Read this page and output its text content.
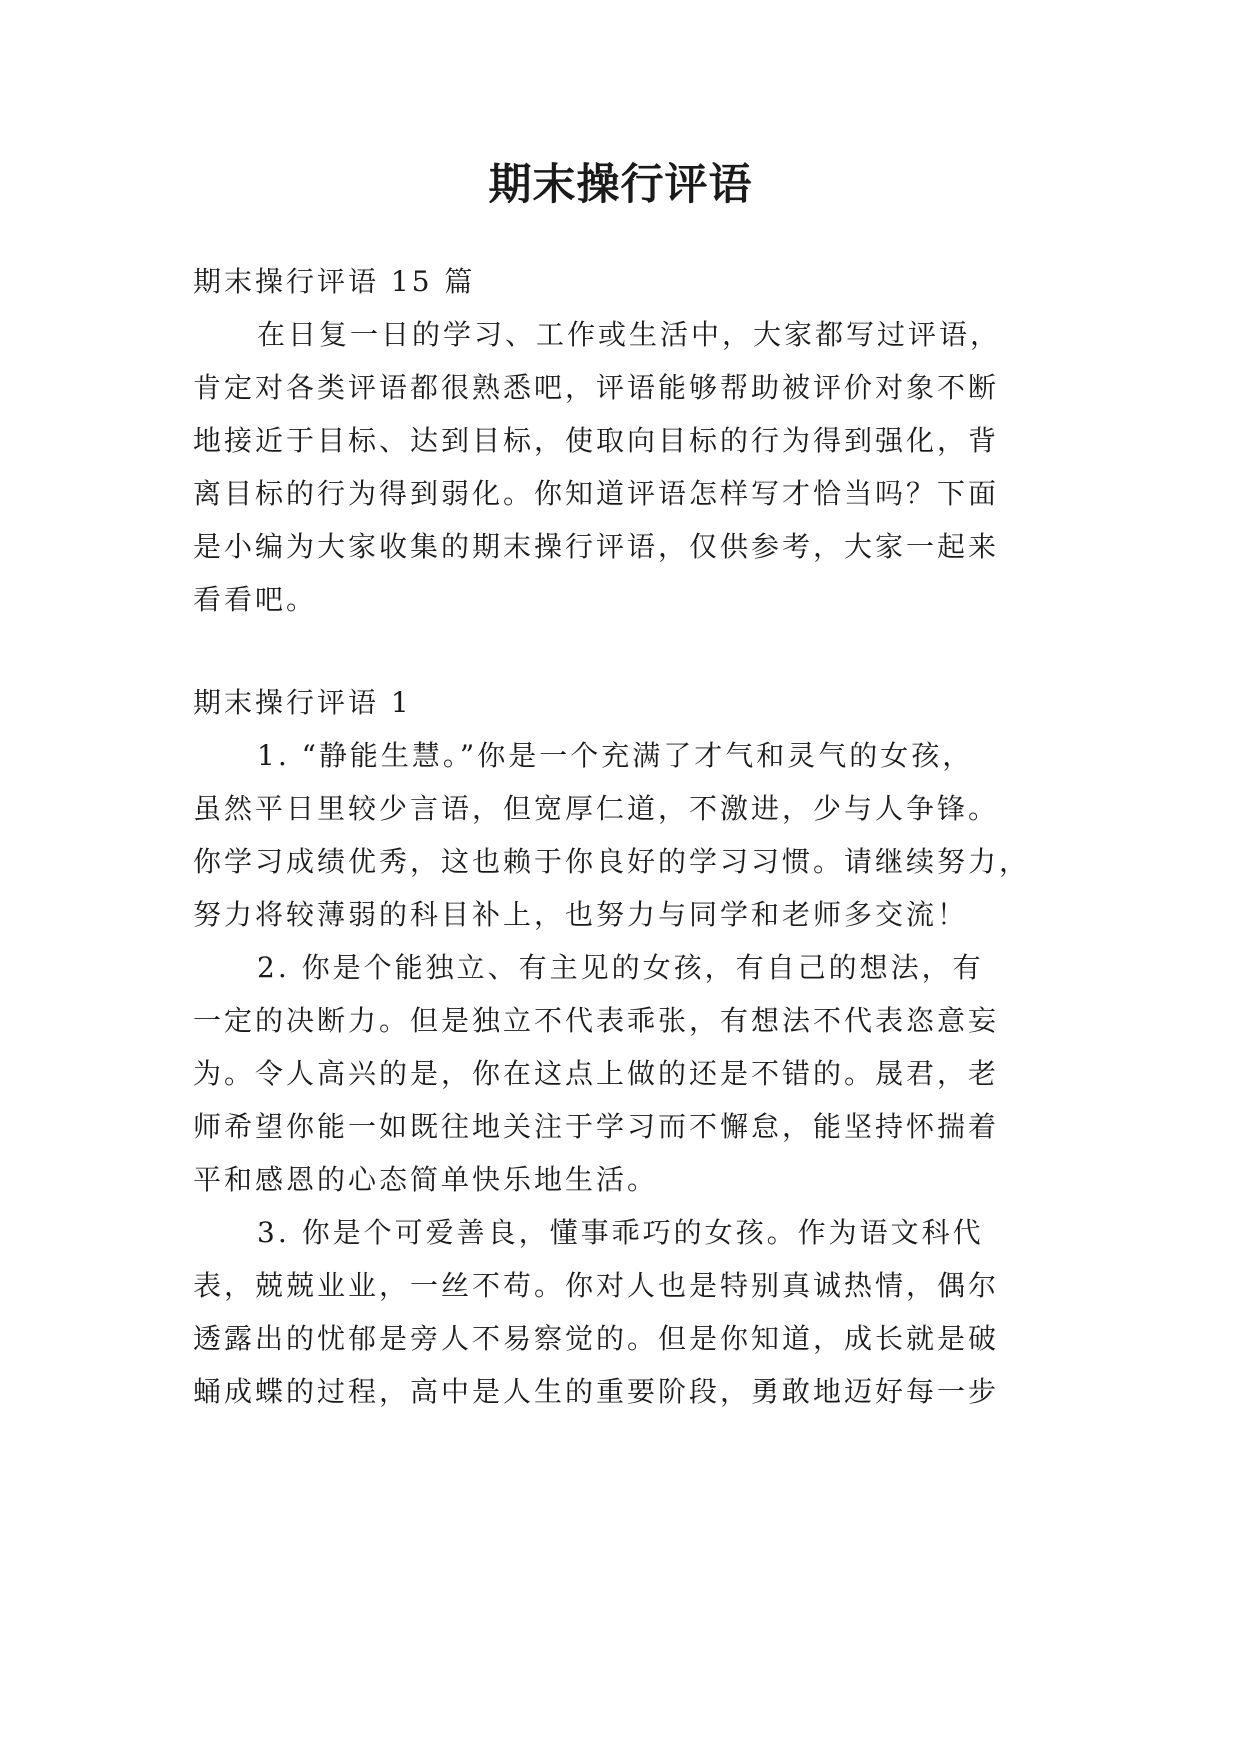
期末操行评语
期末操行评语 15 篇
在日复一日的学习、工作或生活中，大家都写过评语，
肯定对各类评语都很熟悉吧，评语能够帮助被评价对象不断
地接近于目标、达到目标，使取向目标的行为得到强化，背
离目标的行为得到弱化。你知道评语怎样写才恰当吗？下面
是小编为大家收集的期末操行评语，仅供参考，大家一起来
看看吧。
期末操行评语 1
1. “静能生慧。”你是一个充满了才气和灵气的女孩，
虽然平日里较少言语，但宽厚仁道，不激进，少与人争锋。
你学习成绩优秀，这也赖于你良好的学习习惯。请继续努力，
努力将较薄弱的科目补上，也努力与同学和老师多交流！
2. 你是个能独立、有主见的女孩，有自己的想法，有
一定的决断力。但是独立不代表乖张，有想法不代表恣意妄
为。令人高兴的是，你在这点上做的还是不错的。晟君，老
师希望你能一如既往地关注于学习而不懈怠，能坚持怀揣着
平和感恩的心态简单快乐地生活。
3. 你是个可爱善良，懂事乖巧的女孩。作为语文科代
表，兢兢业业，一丝不苟。你对人也是特别真诚热情，偶尔
透露出的忧郁是旁人不易察觉的。但是你知道，成长就是破
蛹成蝶的过程，高中是人生的重要阶段，勇敢地迈好每一步
